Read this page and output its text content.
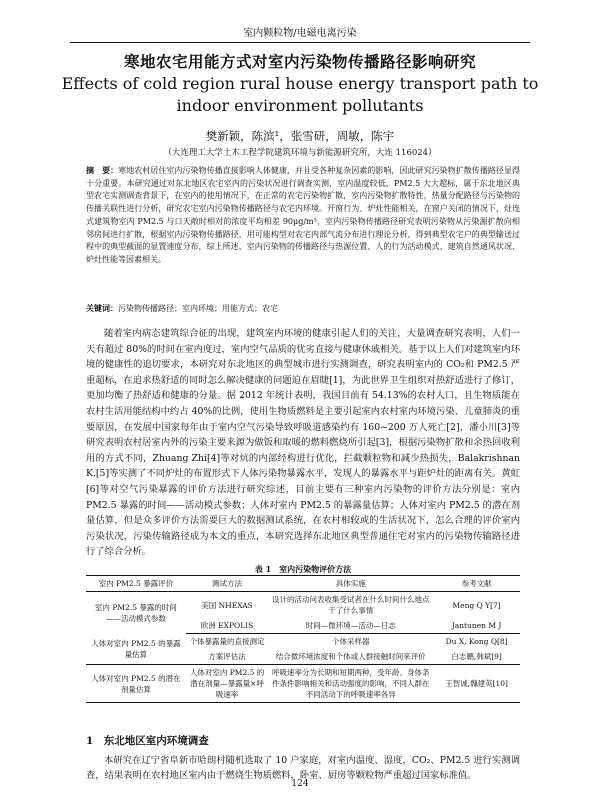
室内颗粒物/电磁电离污染
寒地农宅用能方式对室内污染物传播路径影响研究
Effects of cold region rural house energy transport path to indoor environment pollutants
樊新颖，陈滨¹，张雪研，周敏，陈宇
（大连理工大学土木工程学院建筑环境与新能源研究所，大连 116024）
摘　要：寒地农村居住室内污染物传播直接影响人体健康，并且受各种复杂因素的影响，因此研究污染物扩散传播路径显得十分重要。本研究通过对东北地区农宅室内的污染状况进行调查实测，室内温度较低，PM2.5 大大超标，属于东北地区典型农宅实测调查背景下，在室内的使用情况下，在正常的农宅污染物扩散，室内污染物扩散特性，热量分配路径与污染物的传播关联性进行分析，研究农宅室内污染物传播路径与农宅内环境。开窗行为、炉灶性能相关，在窗户关闭的情况下，灶连式建筑物室内 PM2.5 与口天敞时相对的浓度平均相差 90μg/m³，室内污染物传播路径研究表明污染物从污染源扩散向相邻房间进行扩散，根据室内污染物传播路径，用可能构型对农宅内部气流分布进行理论分析，得到典型农宅户的典型输送过程中的典型截面的显置速度分布，综上所述，室内污染物的传播路径与热源位置、人的行为活动模式、建筑自然通风状况、炉灶性能等因素相关。
关键词：污染物传播路径；室内环境；用能方式；农宅
随着室内病态建筑综合征的出现，建筑室内环境的健康引起人们的关注，大量调查研究表明，人们一天有超过 80%的时间在室内度过，室内空气品质的优劣直接与健康休戚相关。基于以上人们对建筑室内环境的健康性的追切要求，本研究对东北地区的典型城市进行实测调查，研究表明室内的 CO₂和 PM2.5 严重超标，在追求热舒适的同时怎么解决健康的问题迫在眉睫[1]，为此世界卫生组织对热舒适进行了修订，更加均衡了热舒适和健康的分量。据 2012 年统计表明，我国目前有 54.13%的农村人口，且生物质能在农村生活用能结构中约占 40%的比例，使用生物质燃料是主要引起室内农村室内环境污染、儿童肺炎的重要原因，在发展中国家每年由于室内空气污染导致呼吸道感染约有 160~200 万人死亡[2]，潘小川[3]等研究表明农村居室内外的污染主要来源为做饭和取暖的燃料燃烧所引起[3]，根据污染物扩散和余热回收利用的方式不同，Zhuang Zhi[4]等对炕的内部经构进行优化，拦截颗粒物和减少热损失，Balakrishnan K.[5]等实测了不同炉灶的布置形式下人体污染物暴露水平，发现人的暴露水平与距炉灶的距离有关。黄虹[6]等对空气污染暴露的评价方法进行研究综述，目前主要有三种室内污染物的评价方法分别是：室内 PM2.5 暴露的时间——活动模式参数；人体对室内 PM2.5 的暴露量估算；人体对室内 PM2.5 的潜在剂量估算，但是众多评价方法需要巨大的数据测试系统，在农村相较或的生活状况下，怎么合理的评价室内污染状况，污染传输路径成为本文的重点，本研究选择东北地区典型普通住宅对室内的污染物传输路径进行了综合分析。
表 1　室内污染物评价方法
室内 PM2.5 暴露评价	测试方法	具体实施	参考文献
室内 PM2.5 暴露的时间——活动模式参数	美国 NHEXAS	设计的活动问表收集受试者在什么时间什么地点干了什么事情	Meng Q Y[7]
	欧洲 EXPOLIS	时间—微环境—活动—日志	Jantunen M J
人体对室内 PM2.5 的暴露量估算	个体暴露量的直接测定	个体采样器	Du X, Kong Q[8]
	方案评估法	结合微环境浓度和个体或人群接触时间来评价	白志鹏,韩斌[9]
人体对室内 PM2.5 的潜在剂量估算	人体对室内 PM2.5 的潜在剂量—暴露量×呼吸速率	呼吸速率分为长期和短期两种，受年龄、身体条件条件影响相关和活动强度的影响，不同人群在不同活动下的呼吸速率各异	王智诚,魏建英[10]
1　东北地区室内环境调查
本研究在辽宁省阜新市哈朗村随机选取了 10 户家庭，对室内温度、湿度，CO₂、PM2.5 进行实测调查，结果表明在农村地区室内由于燃烧生物质燃料，卧室、厨房等颗粒物严重超过国家标准值。
124
